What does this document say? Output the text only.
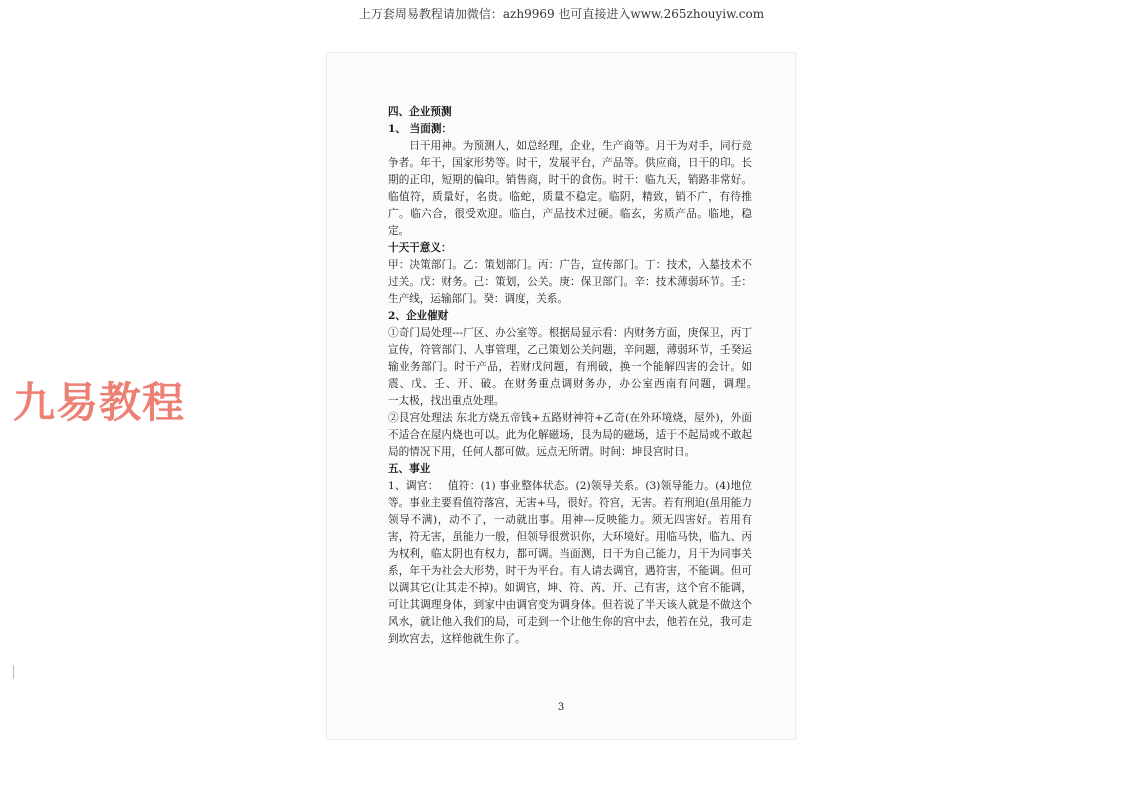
上万套周易教程请加微信：azh9969 也可直接进入www.265zhouyiw.com
九易教程

四、企业预测

1、 当面测：

日干用神。为预测人，如总经理，企业，生产商等。月干为对手，同行竞争者。年干，国家形势等。时干，发展平台，产品等。供应商，日干的印。长期的正印，短期的偏印。销售商，时干的食伤。时干：临九天，销路非常好。临值符，质量好，名贵。临蛇，质量不稳定。临阴，精致，销不广，有待推广。临六合，很受欢迎。临白，产品技术过硬。临玄，劣质产品。临地，稳定。

十天干意义：

甲：决策部门。乙：策划部门。丙：广告，宣传部门。丁：技术，入墓技术不过关。戊：财务。己：策划，公关。庚：保卫部门。辛：技术薄弱环节。壬：生产线，运输部门。癸：调度，关系。

2、企业催财

①奇门局处理---厂区、办公室等。根据局显示看：内财务方面，庚保卫，丙丁宣传，符管部门、人事管理，乙己策划公关问题，辛问题，薄弱环节，壬癸运输业务部门。时干产品，若财戊问题，有刑破，换一个能解四害的会计。如震、戊、壬、开、破。在财务重点调财务办，办公室西南有问题，调理。　　　　一太极，找出重点处理。

②艮宫处理法 东北方烧五帝钱+五路财神符+乙奇(在外环境烧，屋外)，外面不适合在屋内烧也可以。此为化解磁场，艮为局的磁场，适于不起局或不敢起局的情况下用，任何人都可做。远点无所谓。时间：坤艮宫时日。

五、事业

1、调官：　 值符：(1) 事业整体状态。(2)领导关系。(3)领导能力。(4)地位等。事业主要看值符落宫，无害+马，很好。符宫，无害。若有刑迫(虽用能力领导不满)，动不了，一动就出事。用神---反映能力。须无四害好。若用有害，符无害，虽能力一般，但领导很赏识你，大环境好。用临马快，临九、丙为权利，临太阴也有权力，都可调。当面测，日干为自己能力，月干为同事关系，年干为社会大形势，时干为平台。有人请去调官，遇符害，不能调。但可以调其它(让其走不掉)。如调官，坤、符、芮、开、己有害，这个官不能调，可让其调理身体，到家中由调官变为调身体。但若说了半天该人就是不做这个风水，就让他入我们的局，可走到一个让他生你的宫中去，他若在兑，我可走到坎宫去，这样他就生你了。

3
